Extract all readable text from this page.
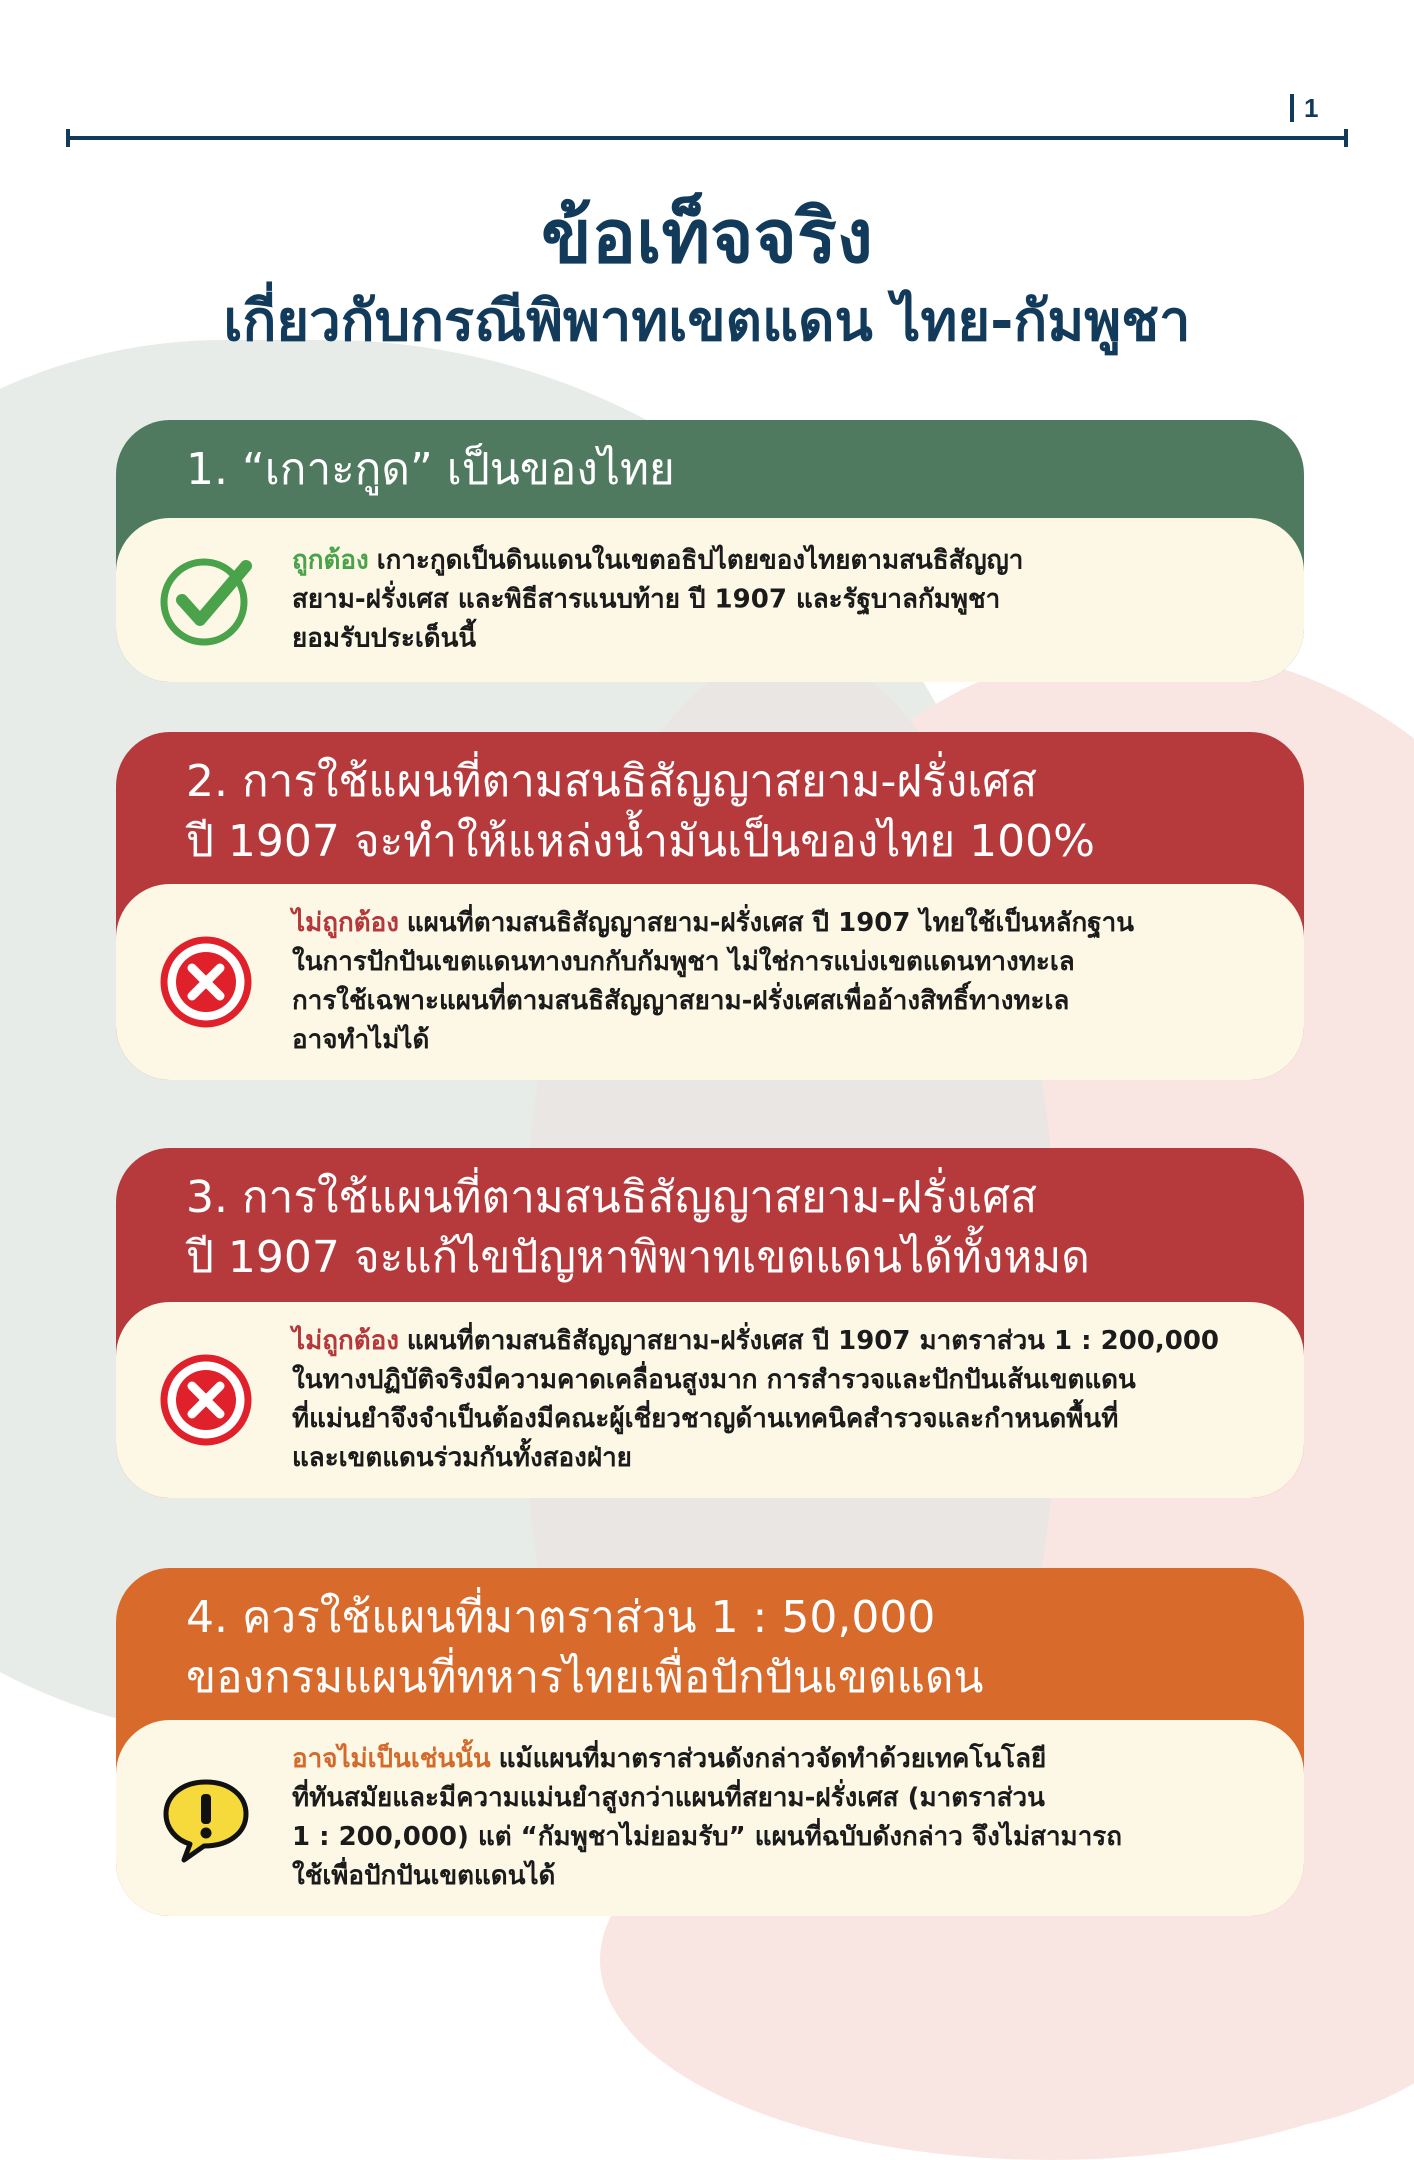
1
ข้อเท็จจริง
เกี่ยวกับกรณีพิพาทเขตแดน ไทย-กัมพูชา
1. “เกาะกูด” เป็นของไทย
ถูกต้อง เกาะกูดเป็นดินแดนในเขตอธิปไตยของไทยตามสนธิสัญญา
สยาม-ฝรั่งเศส และพิธีสารแนบท้าย ปี 1907 และรัฐบาลกัมพูชา
ยอมรับประเด็นนี้
2. การใช้แผนที่ตามสนธิสัญญาสยาม-ฝรั่งเศส
ปี 1907 จะทำให้แหล่งน้ำมันเป็นของไทย 100%
ไม่ถูกต้อง แผนที่ตามสนธิสัญญาสยาม-ฝรั่งเศส ปี 1907 ไทยใช้เป็นหลักฐาน
ในการปักปันเขตแดนทางบกกับกัมพูชา ไม่ใช่การแบ่งเขตแดนทางทะเล
การใช้เฉพาะแผนที่ตามสนธิสัญญาสยาม-ฝรั่งเศสเพื่ออ้างสิทธิ์ทางทะเล
อาจทำไม่ได้
3. การใช้แผนที่ตามสนธิสัญญาสยาม-ฝรั่งเศส
ปี 1907 จะแก้ไขปัญหาพิพาทเขตแดนได้ทั้งหมด
ไม่ถูกต้อง แผนที่ตามสนธิสัญญาสยาม-ฝรั่งเศส ปี 1907 มาตราส่วน 1 : 200,000
ในทางปฏิบัติจริงมีความคาดเคลื่อนสูงมาก การสำรวจและปักปันเส้นเขตแดน
ที่แม่นยำจึงจำเป็นต้องมีคณะผู้เชี่ยวชาญด้านเทคนิคสำรวจและกำหนดพื้นที่
และเขตแดนร่วมกันทั้งสองฝ่าย
4. ควรใช้แผนที่มาตราส่วน 1 : 50,000
ของกรมแผนที่ทหารไทยเพื่อปักปันเขตแดน
อาจไม่เป็นเช่นนั้น แม้แผนที่มาตราส่วนดังกล่าวจัดทำด้วยเทคโนโลยี
ที่ทันสมัยและมีความแม่นยำสูงกว่าแผนที่สยาม-ฝรั่งเศส (มาตราส่วน
1 : 200,000) แต่ “กัมพูชาไม่ยอมรับ” แผนที่ฉบับดังกล่าว จึงไม่สามารถ
ใช้เพื่อปักปันเขตแดนได้
